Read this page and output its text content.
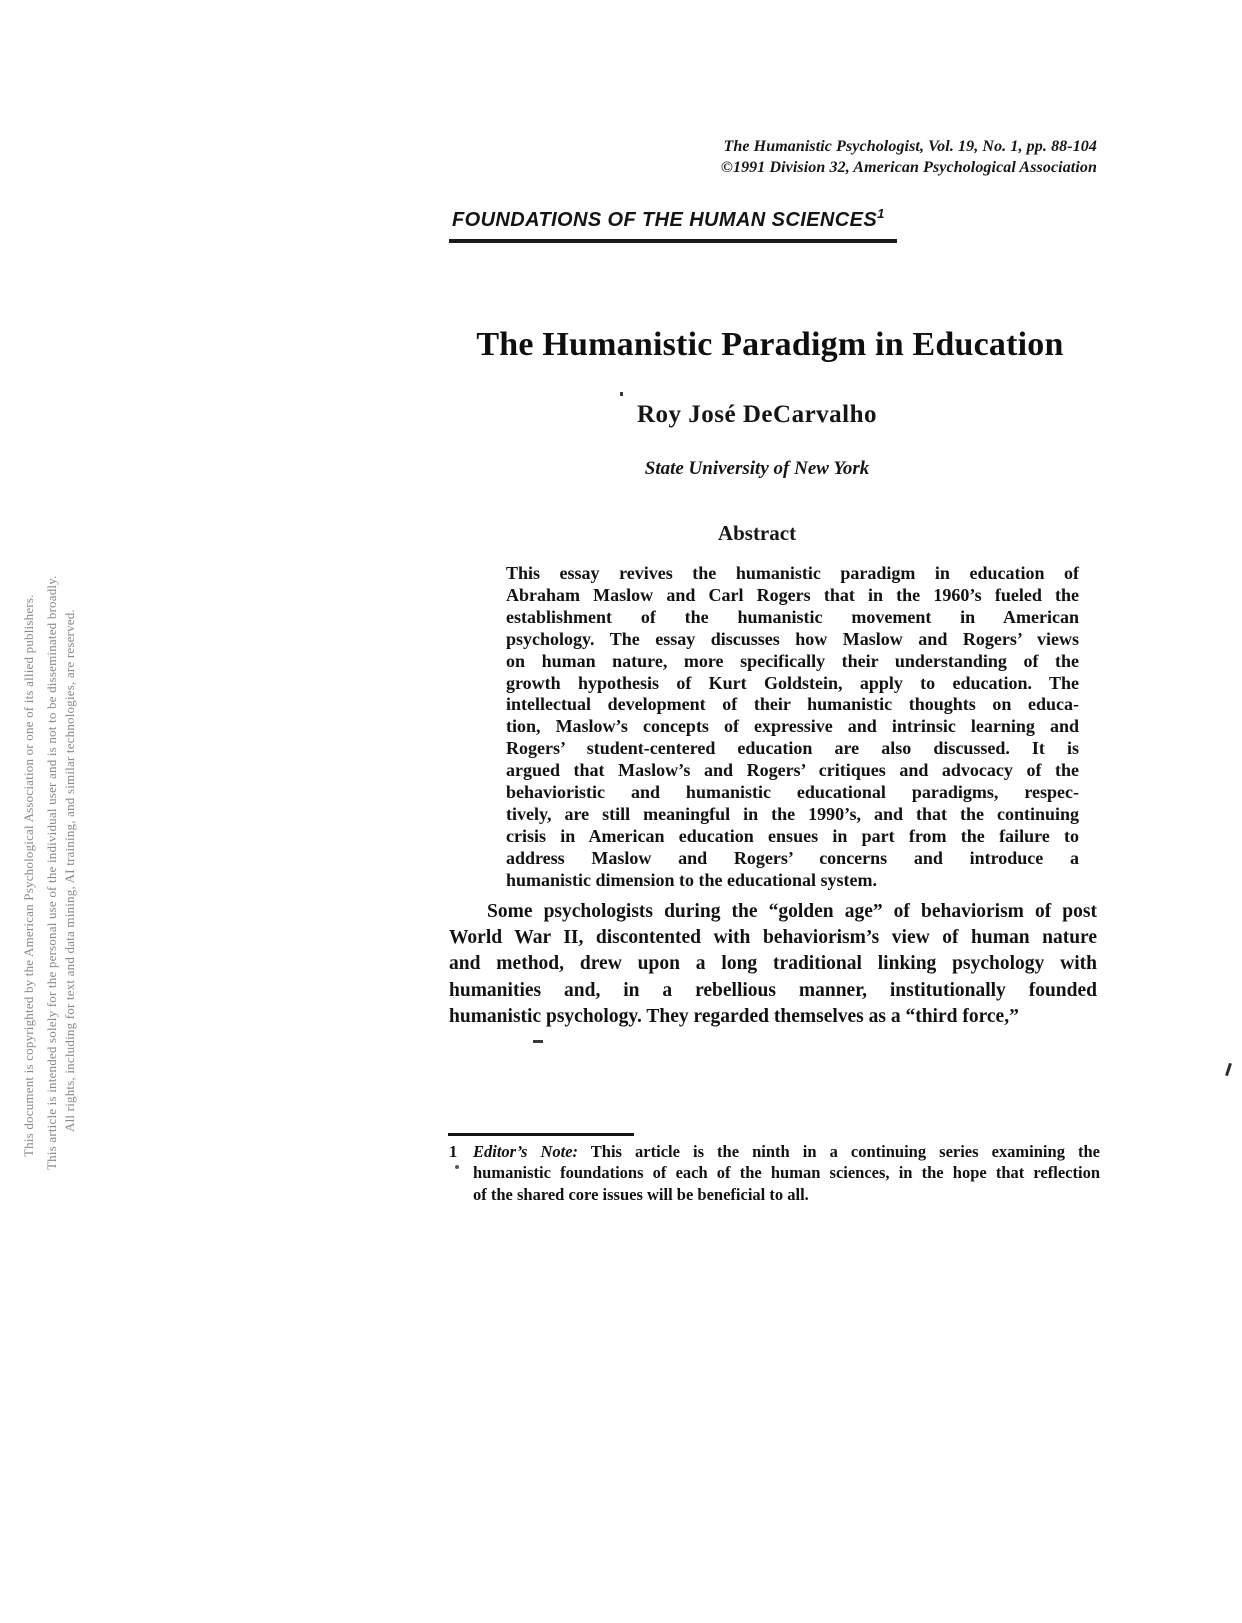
This document is copyrighted by the American Psychological Association or one of its allied publishers. This article is intended solely for the personal use of the individual user and is not to be disseminated broadly. All rights, including for text and data mining, AI training, and similar technologies, are reserved.
The Humanistic Psychologist, Vol. 19, No. 1, pp. 88-104
©1991 Division 32, American Psychological Association
FOUNDATIONS OF THE HUMAN SCIENCES$^1$
The Humanistic Paradigm in Education
Roy José DeCarvalho
State University of New York
Abstract
This essay revives the humanistic paradigm in education of
Abraham Maslow and Carl Rogers that in the 1960’s fueled the
establishment of the humanistic movement in American
psychology. The essay discusses how Maslow and Rogers’ views
on human nature, more specifically their understanding of the
growth hypothesis of Kurt Goldstein, apply to education. The
intellectual development of their humanistic thoughts on educa-
tion, Maslow’s concepts of expressive and intrinsic learning and
Rogers’ student-centered education are also discussed. It is
argued that Maslow’s and Rogers’ critiques and advocacy of the
behavioristic and humanistic educational paradigms, respec-
tively, are still meaningful in the 1990’s, and that the continuing
crisis in American education ensues in part from the failure to
address Maslow and Rogers’ concerns and introduce a
humanistic dimension to the educational system.
Some psychologists during the “golden age” of behaviorism of post
World War II, discontented with behaviorism’s view of human nature
and method, drew upon a long traditional linking psychology with
humanities and, in a rebellious manner, institutionally founded
humanistic psychology. They regarded themselves as a “third force,”
1 Editor’s Note: This article is the ninth in a continuing series examining the
humanistic foundations of each of the human sciences, in the hope that reflection
of the shared core issues will be beneficial to all.
